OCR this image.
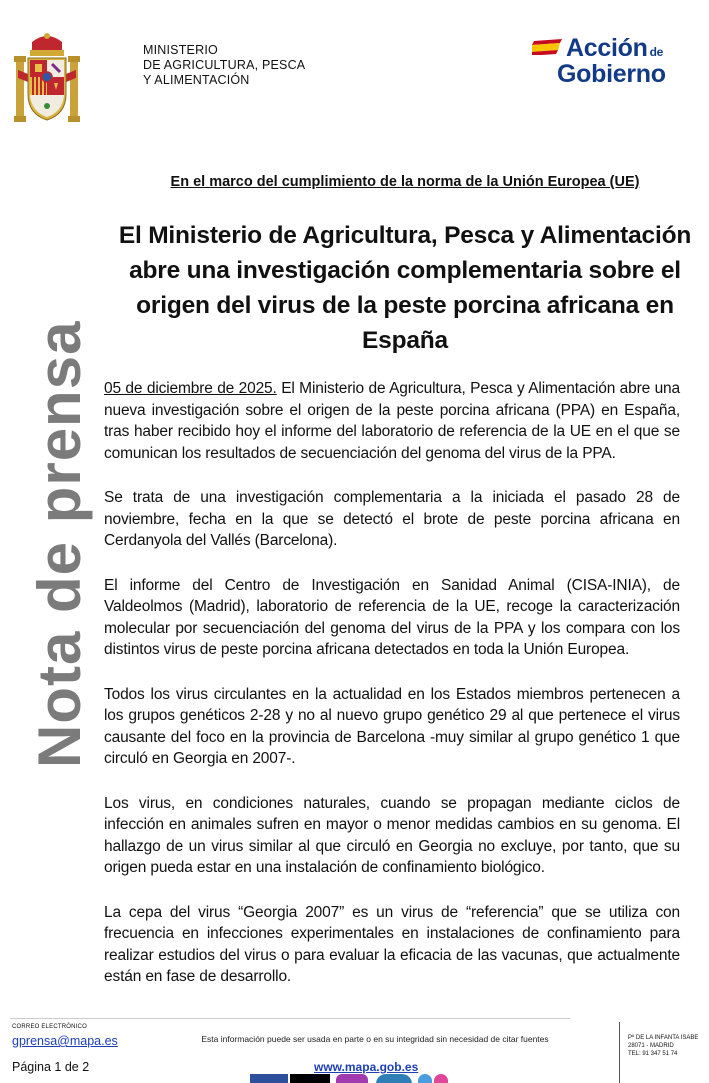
MINISTERIO
DE AGRICULTURA, PESCA
Y ALIMENTACIÓN
Acción de
Gobierno
Nota de prensa
En el marco del cumplimiento de la norma de la Unión Europea (UE)
El Ministerio de Agricultura, Pesca y Alimentación abre una investigación complementaria sobre el origen del virus de la peste porcina africana en España

05 de diciembre de 2025. El Ministerio de Agricultura, Pesca y Alimentación abre una nueva investigación sobre el origen de la peste porcina africana (PPA) en España, tras haber recibido hoy el informe del laboratorio de referencia de la UE en el que se comunican los resultados de secuenciación del genoma del virus de la PPA.

Se trata de una investigación complementaria a la iniciada el pasado 28 de noviembre, fecha en la que se detectó el brote de peste porcina africana en Cerdanyola del Vallés (Barcelona).

El informe del Centro de Investigación en Sanidad Animal (CISA-INIA), de Valdeolmos (Madrid), laboratorio de referencia de la UE, recoge la caracterización molecular por secuenciación del genoma del virus de la PPA y los compara con los distintos virus de peste porcina africana detectados en toda la Unión Europea.

Todos los virus circulantes en la actualidad en los Estados miembros pertenecen a los grupos genéticos 2-28 y no al nuevo grupo genético 29 al que pertenece el virus causante del foco en la provincia de Barcelona -muy similar al grupo genético 1 que circuló en Georgia en 2007-.

Los virus, en condiciones naturales, cuando se propagan mediante ciclos de infección en animales sufren en mayor o menor medidas cambios en su genoma. El hallazgo de un virus similar al que circuló en Georgia no excluye, por tanto, que su origen pueda estar en una instalación de confinamiento biológico.

La cepa del virus “Georgia 2007” es un virus de “referencia” que se utiliza con frecuencia en infecciones experimentales en instalaciones de confinamiento para realizar estudios del virus o para evaluar la eficacia de las vacunas, que actualmente están en fase de desarrollo.

CORREO ELECTRÓNICO
gprensa@mapa.es
Página 1 de 2
Esta información puede ser usada en parte o en su integridad sin necesidad de citar fuentes
www.mapa.gob.es
Pº DE LA INFANTA ISABE
28071 - MADRID
TEL: 91 347 51 74
